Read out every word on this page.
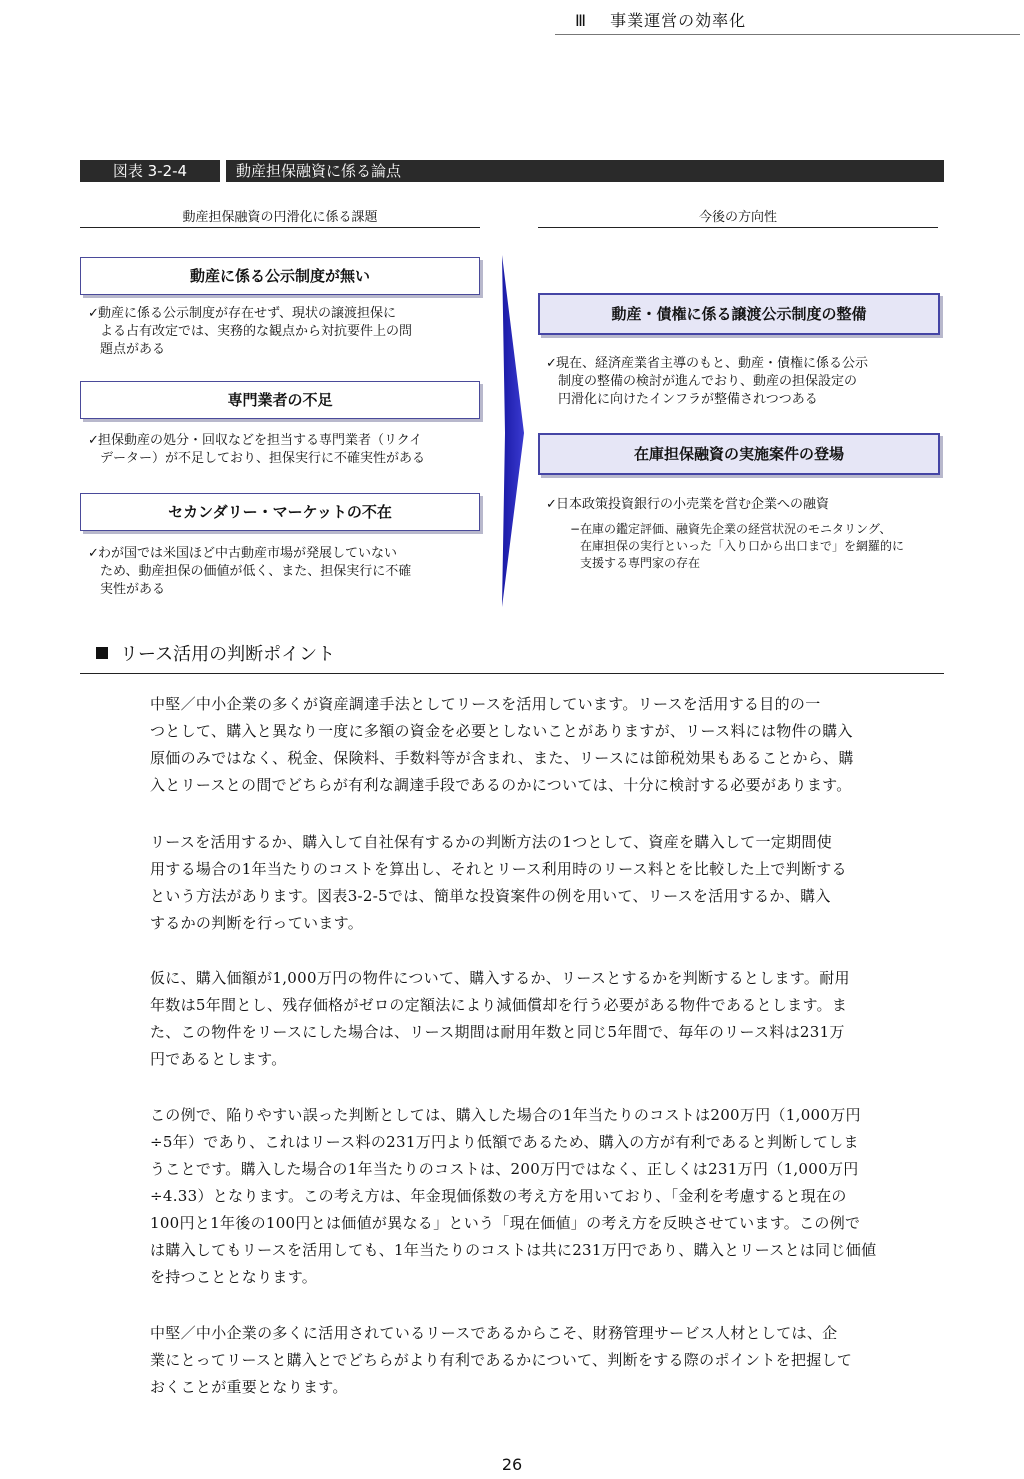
Ⅲ　 事業運営の効率化
図表 3-2-4	動産担保融資に係る論点
動産担保融資の円滑化に係る課題	今後の方向性
動産に係る公示制度が無い
✓動産に係る公示制度が存在せず、現状の譲渡担保に
よる占有改定では、実務的な観点から対抗要件上の問
題点がある
専門業者の不足
✓担保動産の処分・回収などを担当する専門業者（リクイ
データー）が不足しており、担保実行に不確実性がある
セカンダリー・マーケットの不在
✓わが国では米国ほど中古動産市場が発展していない
ため、動産担保の価値が低く、また、担保実行に不確
実性がある
動産・債権に係る譲渡公示制度の整備
✓現在、経済産業省主導のもと、動産・債権に係る公示
制度の整備の検討が進んでおり、動産の担保設定の
円滑化に向けたインフラが整備されつつある
在庫担保融資の実施案件の登場
✓日本政策投資銀行の小売業を営む企業への融資
−在庫の鑑定評価、融資先企業の経営状況のモニタリング、
在庫担保の実行といった「入り口から出口まで」を網羅的に
支援する専門家の存在
リース活用の判断ポイント
中堅／中小企業の多くが資産調達手法としてリースを活用しています。リースを活用する目的の一
つとして、購入と異なり一度に多額の資金を必要としないことがありますが、リース料には物件の購入
原価のみではなく、税金、保険料、手数料等が含まれ、また、リースには節税効果もあることから、購
入とリースとの間でどちらが有利な調達手段であるのかについては、十分に検討する必要があります。
リースを活用するか、購入して自社保有するかの判断方法の1つとして、資産を購入して一定期間使
用する場合の1年当たりのコストを算出し、それとリース利用時のリース料とを比較した上で判断する
という方法があります。図表3-2-5では、簡単な投資案件の例を用いて、リースを活用するか、購入
するかの判断を行っています。
仮に、購入価額が1,000万円の物件について、購入するか、リースとするかを判断するとします。耐用
年数は5年間とし、残存価格がゼロの定額法により減価償却を行う必要がある物件であるとします。ま
た、この物件をリースにした場合は、リース期間は耐用年数と同じ5年間で、毎年のリース料は231万
円であるとします。
この例で、陥りやすい誤った判断としては、購入した場合の1年当たりのコストは200万円（1,000万円
÷5年）であり、これはリース料の231万円より低額であるため、購入の方が有利であると判断してしま
うことです。購入した場合の1年当たりのコストは、200万円ではなく、正しくは231万円（1,000万円
÷4.33）となります。この考え方は、年金現価係数の考え方を用いており、「金利を考慮すると現在の
100円と1年後の100円とは価値が異なる」という「現在価値」の考え方を反映させています。この例で
は購入してもリースを活用しても、1年当たりのコストは共に231万円であり、購入とリースとは同じ価値
を持つこととなります。
中堅／中小企業の多くに活用されているリースであるからこそ、財務管理サービス人材としては、企
業にとってリースと購入とでどちらがより有利であるかについて、判断をする際のポイントを把握して
おくことが重要となります。
26
